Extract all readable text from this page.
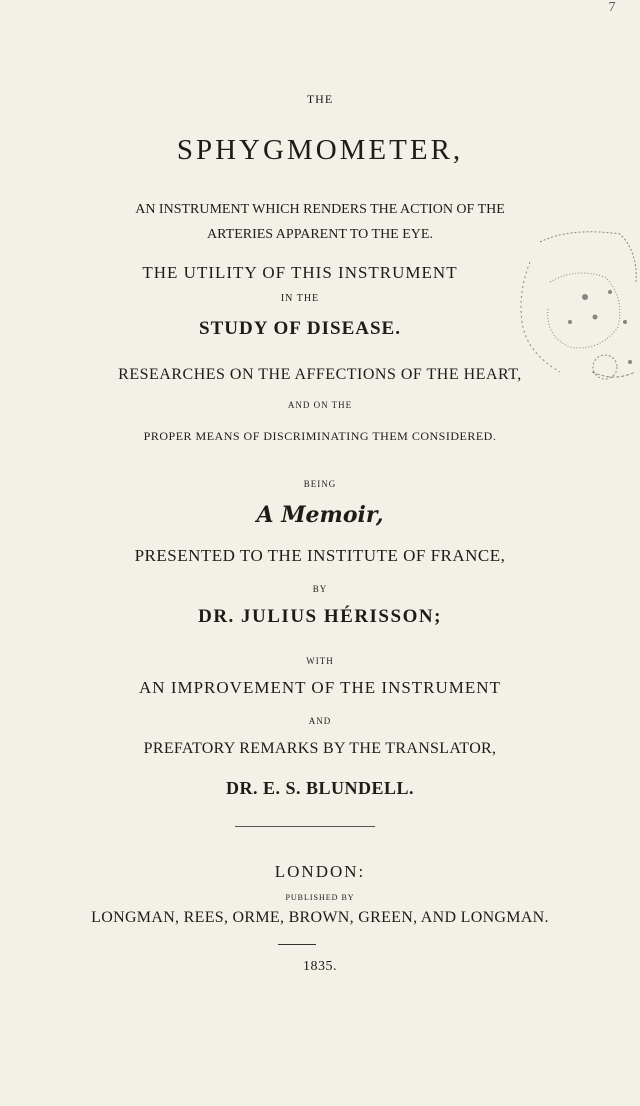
7
THE
SPHYGMOMETER,
AN INSTRUMENT WHICH RENDERS THE ACTION OF THE
ARTERIES APPARENT TO THE EYE.
THE UTILITY OF THIS INSTRUMENT
IN THE
STUDY OF DISEASE.
RESEARCHES ON THE AFFECTIONS OF THE HEART,
AND ON THE
PROPER MEANS OF DISCRIMINATING THEM CONSIDERED.
BEING
A Memoir,
PRESENTED TO THE INSTITUTE OF FRANCE,
BY
DR. JULIUS HÉRISSON;
WITH
AN IMPROVEMENT OF THE INSTRUMENT
AND
PREFATORY REMARKS BY THE TRANSLATOR,
DR. E. S. BLUNDELL.
LONDON:
PUBLISHED BY
LONGMAN, REES, ORME, BROWN, GREEN, AND LONGMAN.
1835.
